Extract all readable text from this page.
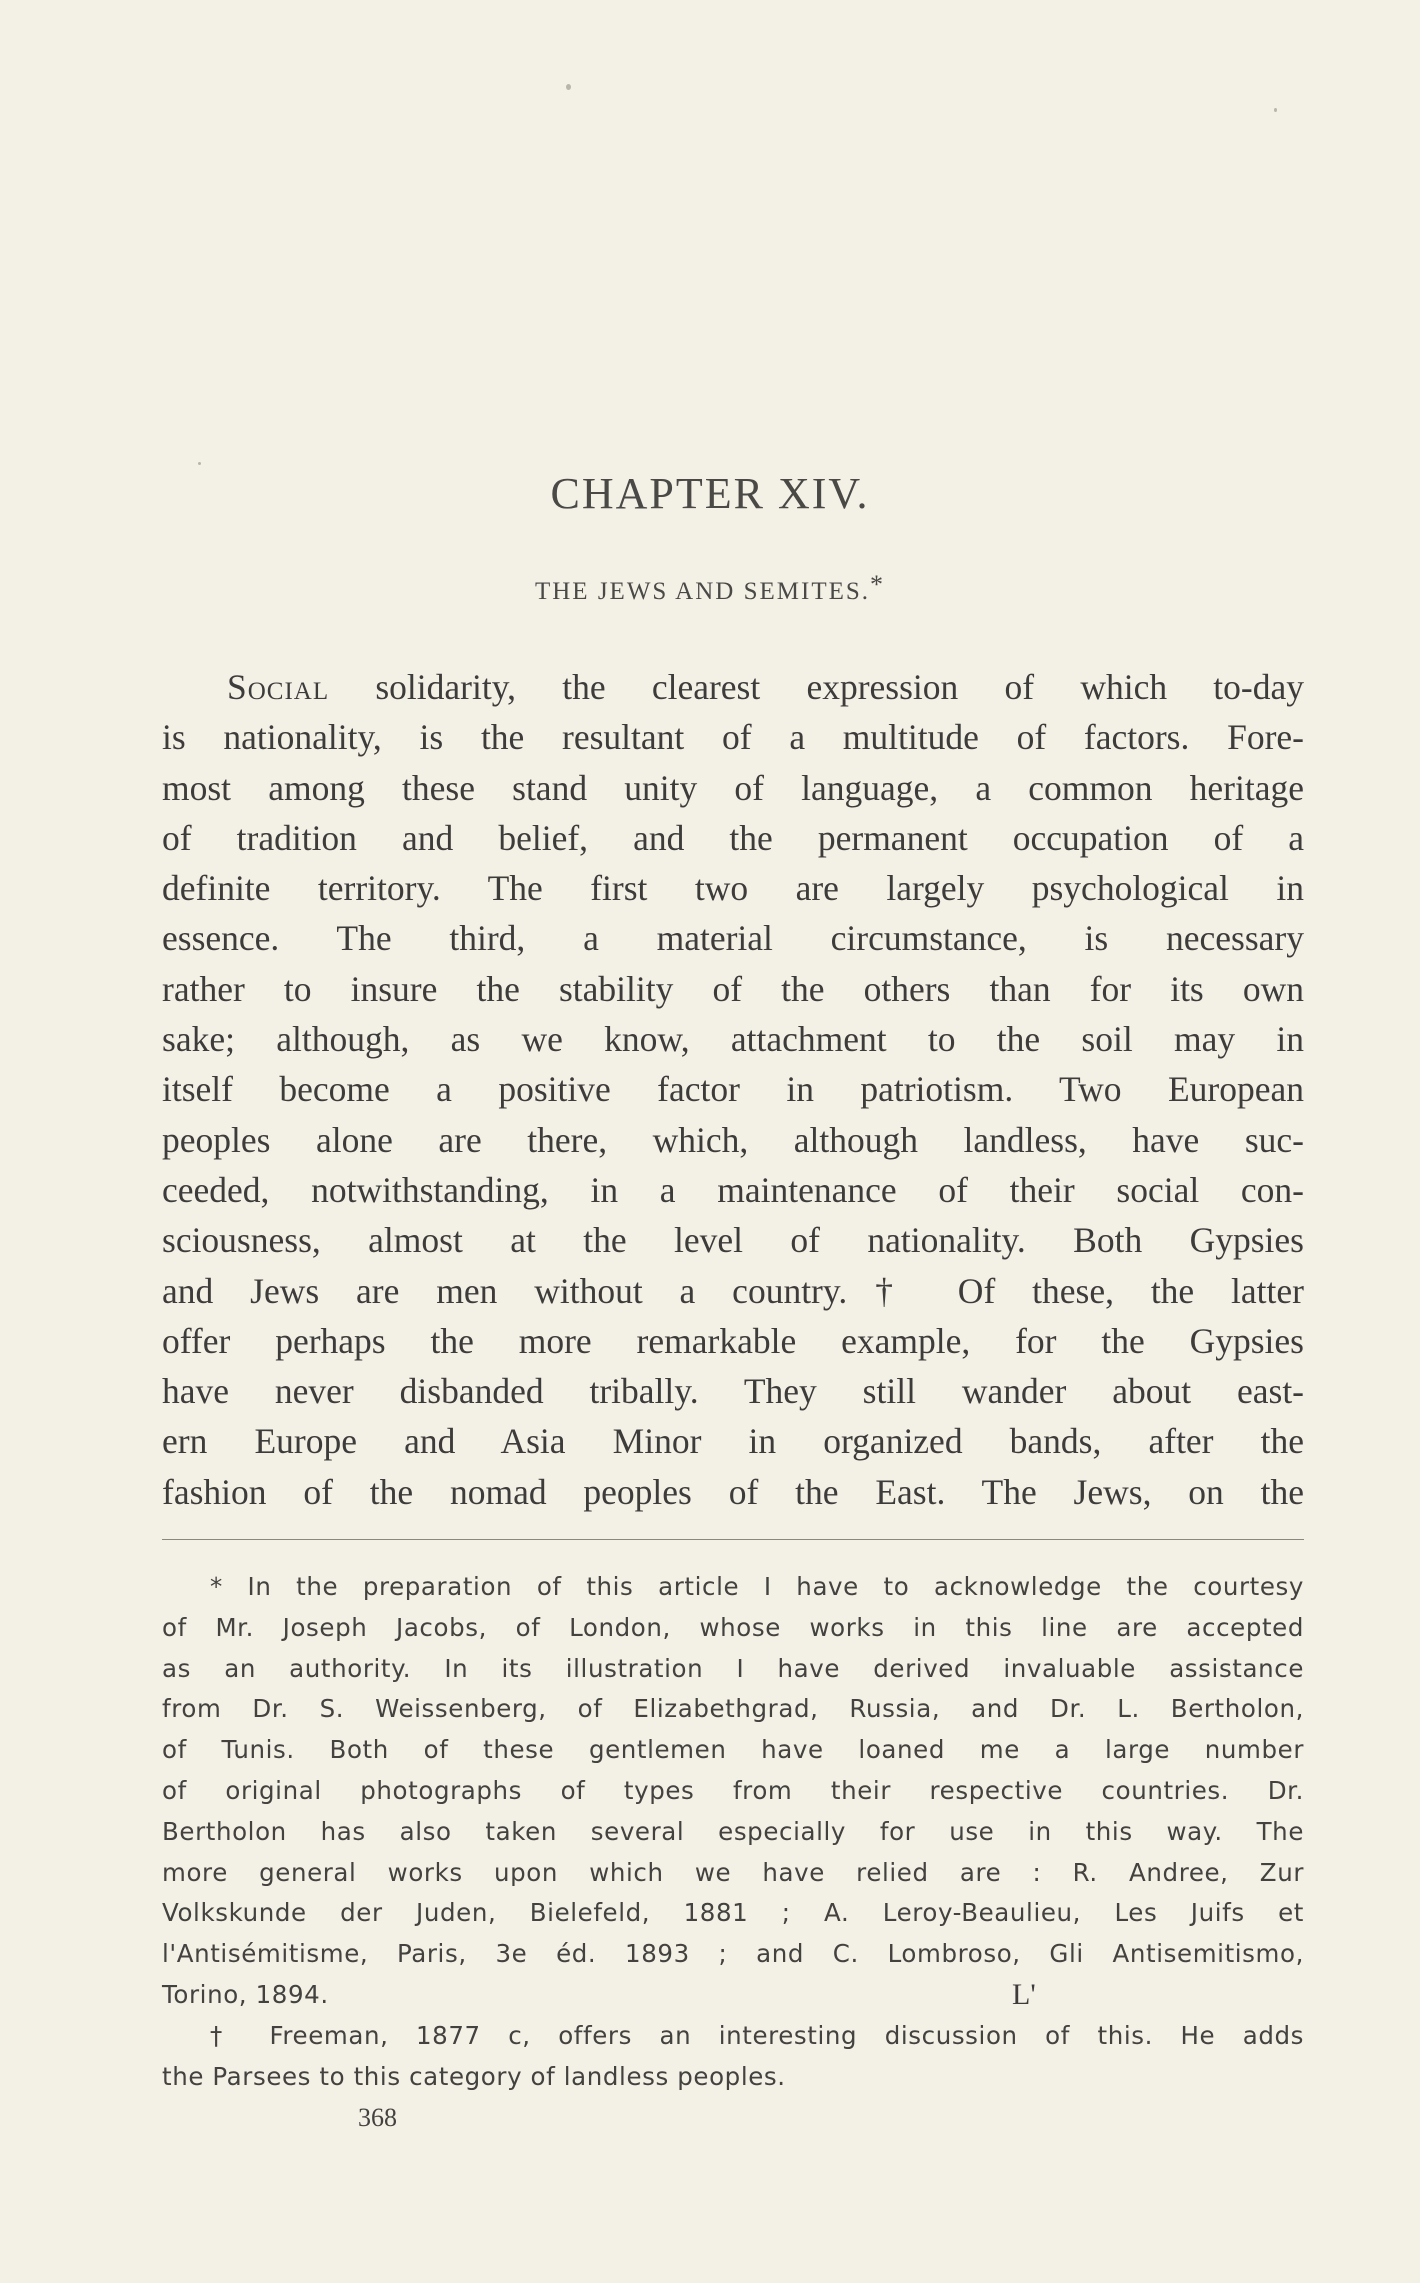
CHAPTER XIV.
THE JEWS AND SEMITES.*
Social solidarity, the clearest expression of which to-day
is nationality, is the resultant of a multitude of factors. Fore-
most among these stand unity of language, a common heritage
of tradition and belief, and the permanent occupation of a
definite territory. The first two are largely psychological in
essence. The third, a material circumstance, is necessary
rather to insure the stability of the others than for its own
sake; although, as we know, attachment to the soil may in
itself become a positive factor in patriotism. Two European
peoples alone are there, which, although landless, have suc-
ceeded, notwithstanding, in a maintenance of their social con-
sciousness, almost at the level of nationality. Both Gypsies
and Jews are men without a country.† Of these, the latter
offer perhaps the more remarkable example, for the Gypsies
have never disbanded tribally. They still wander about east-
ern Europe and Asia Minor in organized bands, after the
fashion of the nomad peoples of the East. The Jews, on the
* In the preparation of this article I have to acknowledge the courtesy
of Mr. Joseph Jacobs, of London, whose works in this line are accepted
as an authority. In its illustration I have derived invaluable assistance
from Dr. S. Weissenberg, of Elizabethgrad, Russia, and Dr. L. Bertholon,
of Tunis. Both of these gentlemen have loaned me a large number
of original photographs of types from their respective countries. Dr.
Bertholon has also taken several especially for use in this way. The
more general works upon which we have relied are : R. Andree, Zur
Volkskunde der Juden, Bielefeld, 1881 ; A. Leroy-Beaulieu, Les Juifs et
l'Antisémitisme, Paris, 3e éd. 1893 ; and C. Lombroso, Gli Antisemitismo,
Torino, 1894.
† Freeman, 1877 c, offers an interesting discussion of this. He adds
the Parsees to this category of landless peoples.
L'
368
